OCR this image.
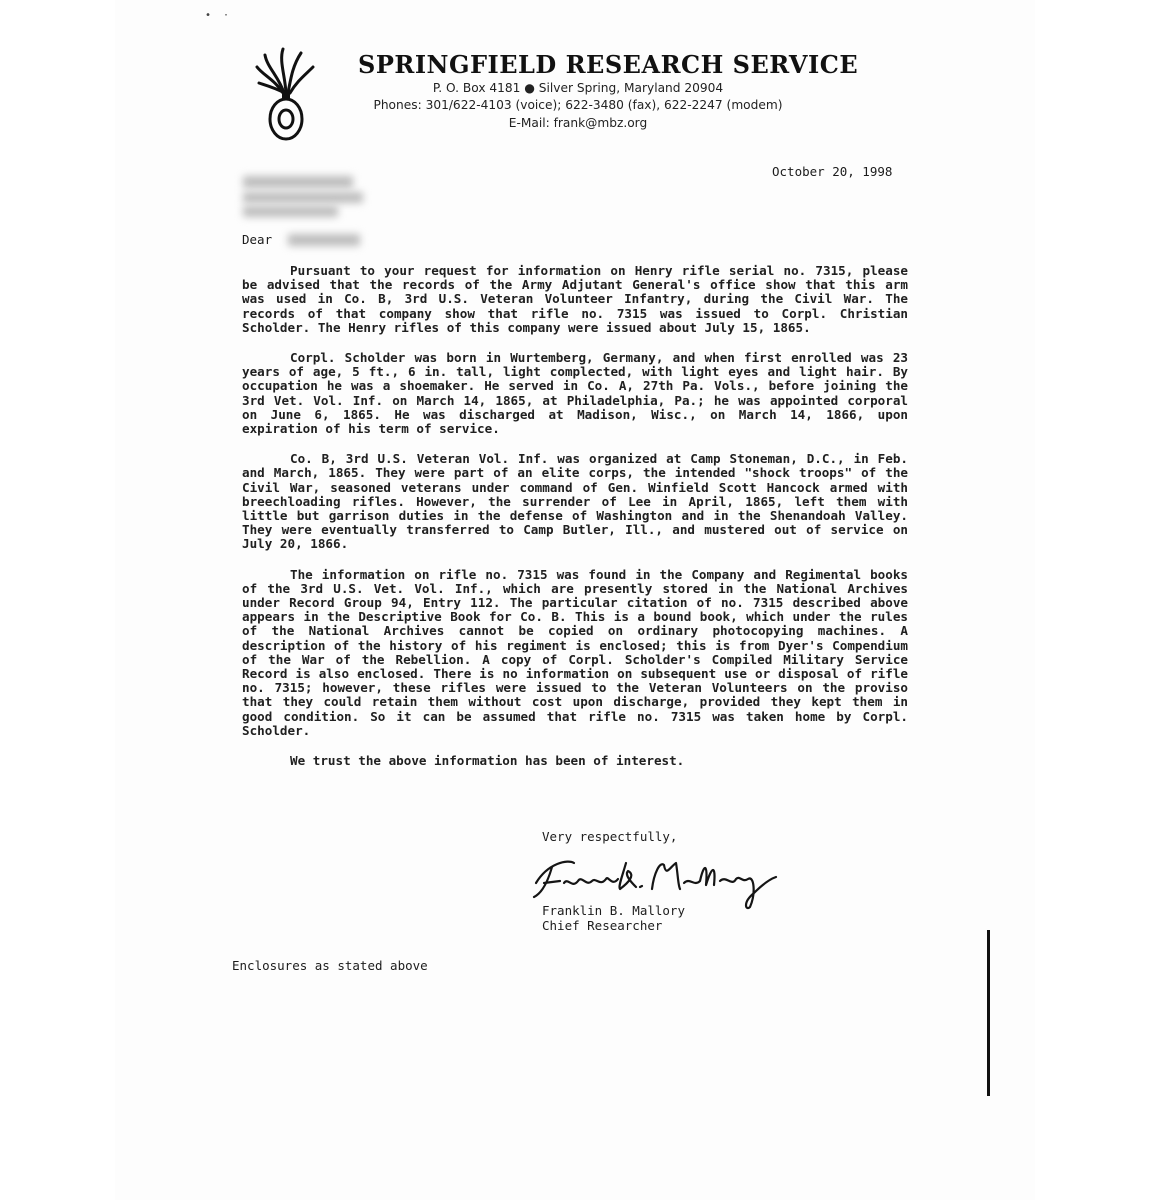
• ·
SPRINGFIELD RESEARCH SERVICE
P. O. Box 4181 ● Silver Spring, Maryland 20904
Phones: 301/622-4103 (voice); 622-3480 (fax), 622-2247 (modem)
E-Mail: frank@mbz.org
October 20, 1998
Dear

Pursuant to your request for information on Henry rifle serial no. 7315, please be advised that the records of the Army Adjutant General's office show that this arm was used in Co. B, 3rd U.S. Veteran Volunteer Infantry, during the Civil War. The records of that company show that rifle no. 7315 was issued to Corpl. Christian Scholder. The Henry rifles of this company were issued about July 15, 1865.

Corpl. Scholder was born in Wurtemberg, Germany, and when first enrolled was 23 years of age, 5 ft., 6 in. tall, light complected, with light eyes and light hair. By occupation he was a shoemaker. He served in Co. A, 27th Pa. Vols., before joining the 3rd Vet. Vol. Inf. on March 14, 1865, at Philadelphia, Pa.; he was appointed corporal on June 6, 1865. He was discharged at Madison, Wisc., on March 14, 1866, upon expiration of his term of service.

Co. B, 3rd U.S. Veteran Vol. Inf. was organized at Camp Stoneman, D.C., in Feb. and March, 1865. They were part of an elite corps, the intended "shock troops" of the Civil War, seasoned veterans under command of Gen. Winfield Scott Hancock armed with breechloading rifles. However, the surrender of Lee in April, 1865, left them with little but garrison duties in the defense of Washington and in the Shenandoah Valley. They were eventually transferred to Camp Butler, Ill., and mustered out of service on July 20, 1866.

The information on rifle no. 7315 was found in the Company and Regimental books of the 3rd U.S. Vet. Vol. Inf., which are presently stored in the National Archives under Record Group 94, Entry 112. The particular citation of no. 7315 described above appears in the Descriptive Book for Co. B. This is a bound book, which under the rules of the National Archives cannot be copied on ordinary photocopying machines. A description of the history of his regiment is enclosed; this is from Dyer's Compendium of the War of the Rebellion. A copy of Corpl. Scholder's Compiled Military Service Record is also enclosed. There is no information on subsequent use or disposal of rifle no. 7315; however, these rifles were issued to the Veteran Volunteers on the proviso that they could retain them without cost upon discharge, provided they kept them in good condition. So it can be assumed that rifle no. 7315 was taken home by Corpl. Scholder.

We trust the above information has been of interest.

Very respectfully,
Franklin B. Mallory
Chief Researcher
Enclosures as stated above
